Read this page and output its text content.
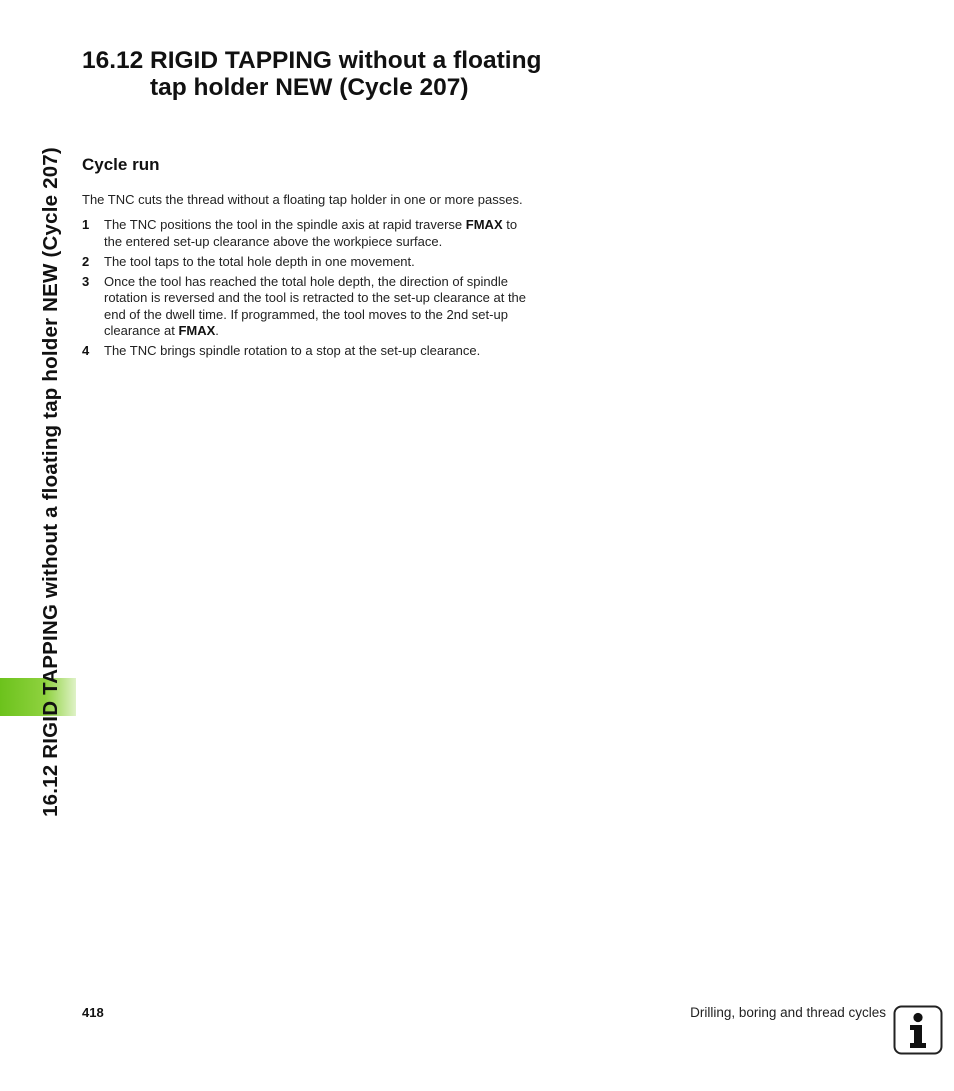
16.12 RIGID TAPPING without a floating tap holder NEW (Cycle 207)
16.12 RIGID TAPPING without a floating tap holder NEW (Cycle 207)
Cycle run

The TNC cuts the thread without a floating tap holder in one or more passes.

1	The TNC positions the tool in the spindle axis at rapid traverse FMAX to the entered set-up clearance above the workpiece surface.
2	The tool taps to the total hole depth in one movement.
3	Once the tool has reached the total hole depth, the direction of spindle rotation is reversed and the tool is retracted to the set-up clearance at the end of the dwell time. If programmed, the tool moves to the 2nd set-up clearance at FMAX.
4	The TNC brings spindle rotation to a stop at the set-up clearance.
418	Drilling, boring and thread cycles
